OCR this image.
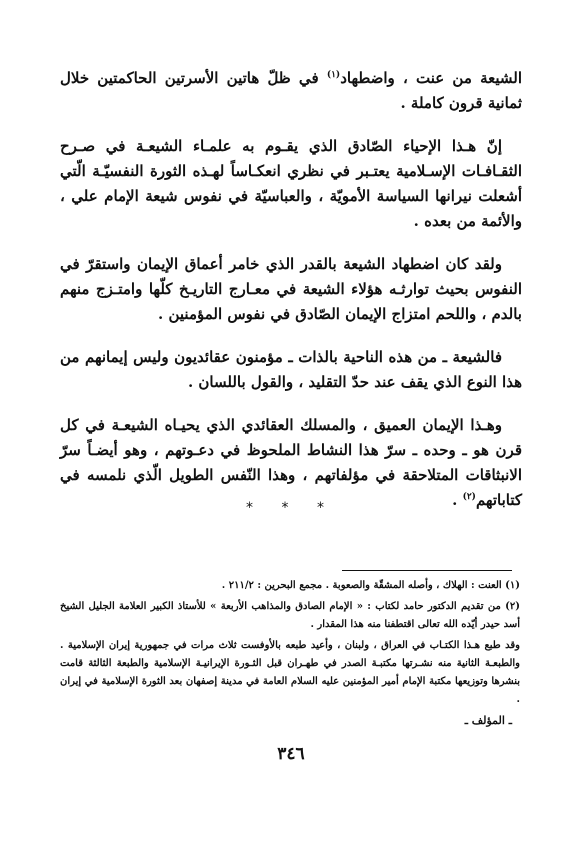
الشيعة من عنت ، واضطهاد$^{(١)}$ في ظلّ هاتين الأسرتين الحاكمتين خلال ثمانية قرون كاملة .

إنّ هـذا الإحياء الصّادق الذي يقـوم به علمـاء الشيعـة في صـرح الثقـافـات الإسـلامية يعتـبر في نظري انعكـاساً لهـذه الثورة النفسيّـة الّتي أشعلت نيرانها السياسة الأمويّة ، والعباسيّة في نفوس شيعة الإمام علي ، والأئمة من بعده .

ولقد كان اضطهاد الشيعة بالقدر الذي خامر أعماق الإيمان واستقرّ في النفوس بحيث توارثـه هؤلاء الشيعة في معـارج التاريـخ كلّها وامتـزج منهم بالدم ، واللحم امتزاج الإيمان الصّادق في نفوس المؤمنين .

فالشيعة ـ من هذه الناحية بالذات ـ مؤمنون عقائديون وليس إيمانهم من هذا النوع الذي يقف عند حدّ التقليد ، والقول باللسان .

وهـذا الإيمان العميق ، والمسلك العقائدي الذي يحيـاه الشيعـة في كل قرن هو ـ وحده ـ سرّ هذا النشاط الملحوظ في دعـوتهم ، وهو أيضـاً سرّ الانبثاقات المتلاحقة في مؤلفاتهم ، وهذا النّفس الطويل الّذي نلمسه في كتاباتهم$^{(٢)}$ .

* * *

(١) العنت : الهلاك ، وأصله المشقّة والصعوبة . مجمع البحرين : ٢١١/٢ .

(٢) من تقديم الدكتور حامد لكتاب : « الإمام الصادق والمذاهب الأربعة » للأستاذ الكبير العلامة الجليل الشيخ أسد حيدر أيّده الله تعالى اقتطفنا منه هذا المقدار .

وقد طبع هـذا الكتـاب في العراق ، ولبنان ، وأعيد طبعه بالأوفست ثلاث مرات في جمهورية إيران الإسلامية . والطبعـة الثانية منه نشـرتها مكتبـة الصدر في طهـران قبل الثـورة الإيرانيـة الإسلامية والطبعة الثالثة قامت بنشرها وتوزيعها مكتبة الإمام أمير المؤمنين عليه السلام العامة في مدينة إصفهان بعد الثورة الإسلامية في إيران .

ـ المؤلف ـ
٣٤٦
